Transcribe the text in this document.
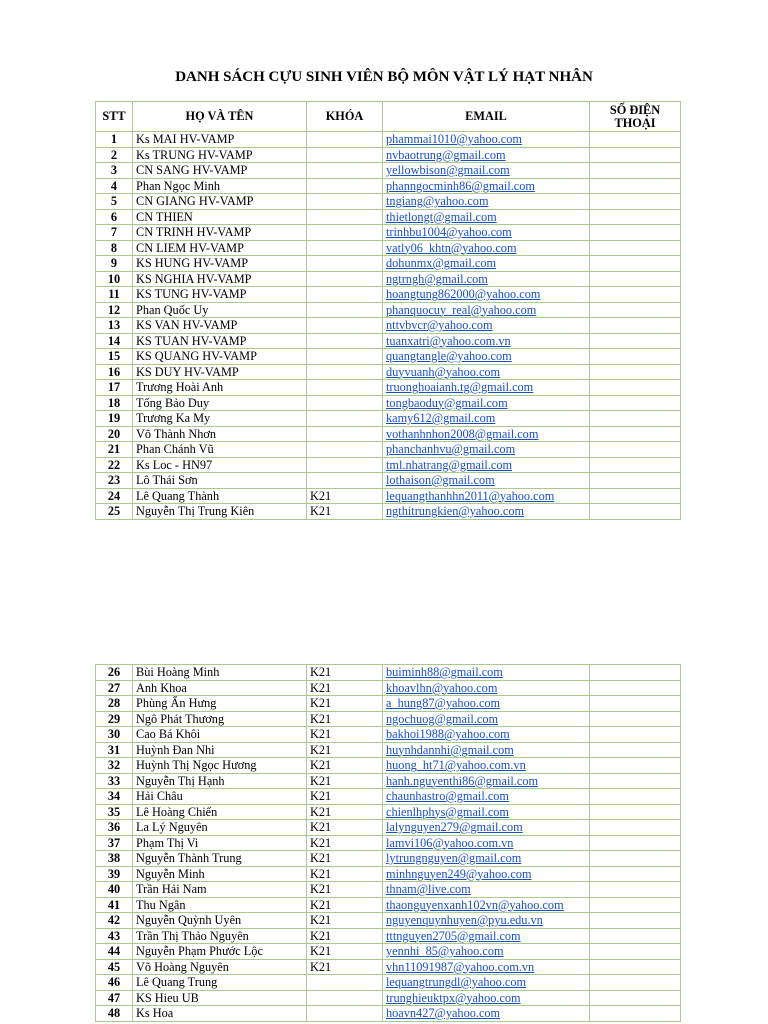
DANH SÁCH CỰU SINH VIÊN BỘ MÔN VẬT LÝ HẠT NHÂN
STT	HỌ VÀ TÊN	KHÓA	EMAIL	SỐ ĐIỆN THOẠI
1	Ks MAI HV-VAMP		phammai1010@yahoo.com	
2	Ks TRUNG HV-VAMP		nvbaotrung@gmail.com	
3	CN SANG HV-VAMP		yellowbison@gmail.com	
4	Phan Ngọc Minh		phanngocminh86@gmail.com	
5	CN GIANG HV-VAMP		tngiang@yahoo.com	
6	CN THIEN		thietlongt@gmail.com	
7	CN TRINH HV-VAMP		trinhbu1004@yahoo.com	
8	CN LIEM HV-VAMP		vatly06_khtn@yahoo.com	
9	KS HUNG HV-VAMP		dohunmx@gmail.com	
10	KS NGHIA HV-VAMP		ngtrngh@gmail.com	
11	KS TUNG HV-VAMP		hoangtung862000@yahoo.com	
12	Phan Quốc Uy		phanquocuy_real@yahoo.com	
13	KS VAN HV-VAMP		nttvbvcr@yahoo.com	
14	KS TUAN HV-VAMP		tuanxatri@yahoo.com.vn	
15	KS QUANG HV-VAMP		quangtangle@yahoo.com	
16	KS DUY HV-VAMP		duyvuanh@yahoo.com	
17	Trương Hoài Anh		truonghoaianh.tg@gmail.com	
18	Tống Bảo Duy		tongbaoduy@gmail.com	
19	Trương Ka My		kamy612@gmail.com	
20	Võ Thành Nhơn		vothanhnhon2008@gmail.com	
21	Phan Chánh Vũ		phanchanhvu@gmail.com	
22	Ks Loc - HN97		tml.nhatrang@gmail.com	
23	Lô Thái Sơn		lothaison@gmail.com	
24	Lê Quang Thành	K21	lequangthanhhn2011@yahoo.com	
25	Nguyễn Thị Trung Kiên	K21	ngthitrungkien@yahoo.com	
26	Bùi Hoàng Minh	K21	buiminh88@gmail.com	
27	Anh Khoa	K21	khoavlhn@yahoo.com	
28	Phùng Ấn Hưng	K21	a_hung87@yahoo.com	
29	Ngô Phát Thương	K21	ngochuog@gmail.com	
30	Cao Bá Khôi	K21	bakhoi1988@yahoo.com	
31	Huỳnh Đan Nhi	K21	huynhdannhi@gmail.com	
32	Huỳnh Thị Ngọc Hương	K21	huong_ht71@yahoo.com.vn	
33	Nguyễn Thị Hạnh	K21	hanh.nguyenthi86@gmail.com	
34	Hải Châu	K21	chaunhastro@gmail.com	
35	Lê Hoàng Chiến	K21	chienlhphys@gmail.com	
36	La Lý Nguyên	K21	lalynguyen279@gmail.com	
37	Phạm Thị Vi	K21	lamvi106@yahoo.com.vn	
38	Nguyễn Thành Trung	K21	lytrungnguyen@gmail.com	
39	Nguyễn Minh	K21	minhnguyen249@yahoo.com	
40	Trần Hải Nam	K21	thnam@live.com	
41	Thu Ngân	K21	thaonguyenxanh102vn@yahoo.com	
42	Nguyễn Quỳnh Uyên	K21	nguyenquynhuyen@pyu.edu.vn	
43	Trần Thị Thảo Nguyên	K21	tttnguyen2705@gmail.com	
44	Nguyễn Phạm Phước Lộc	K21	yennhi_85@yahoo.com	
45	Võ Hoàng Nguyên	K21	vhn11091987@yahoo.com.vn	
46	Lê Quang Trung		lequangtrungdl@yahoo.com	
47	KS Hieu UB		trunghieuktpx@yahoo.com	
48	Ks Hoa		hoavn427@yahoo.com	
